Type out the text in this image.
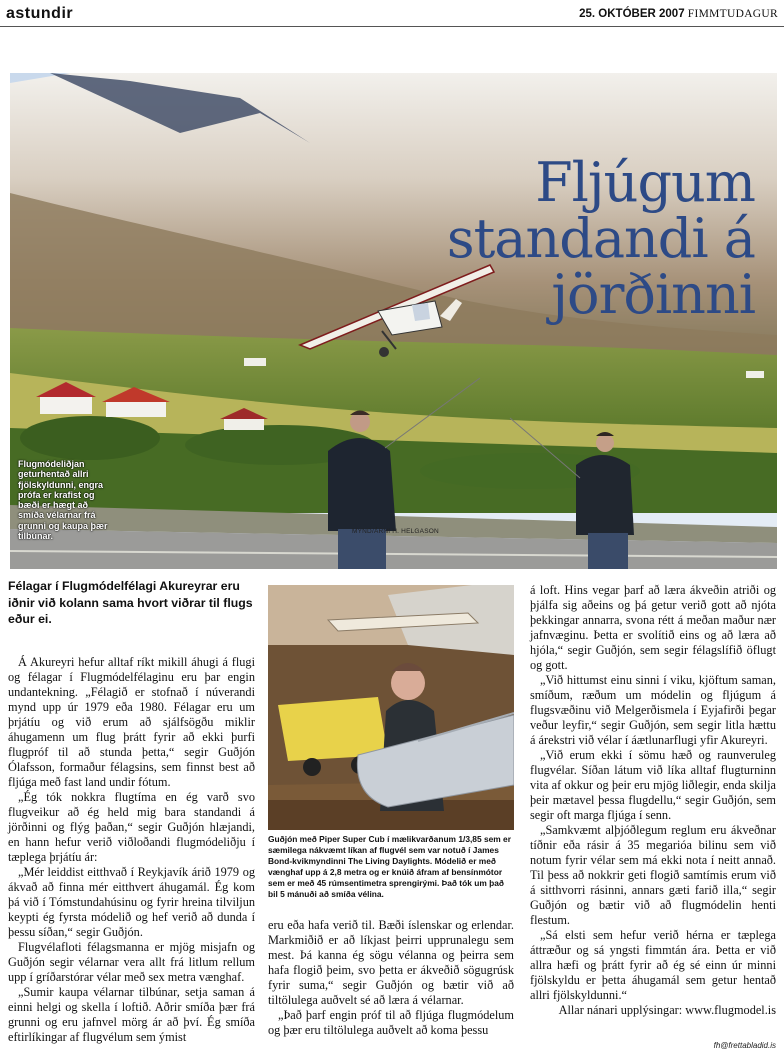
astundir	25. OKTÓBER 2007 FIMMTUDAGUR
Fljúgum
standandi á
jörðinni
Flugmódeliðjan geturhentað allri fjölskyldunni, engra prófa er krafist og bæði er hægt að smíða vélarnar frá grunni og kaupa þær tilbúnar.	MYND/ÁRNI H. HELGASON
Félagar í Flugmódelfélagi Akureyrar eru iðnir við kolann sama hvort viðrar til flugs eður ei.

Á Akureyri hefur alltaf ríkt mikill áhugi á flugi og félagar í Flugmódelfélaginu eru þar engin undantekning. „Félagið er stofnað í núverandi mynd upp úr 1979 eða 1980. Félagar eru um þrjátíu og við erum að sjálfsögðu miklir áhugamenn um flug þrátt fyrir að ekki þurfi flugpróf til að stunda þetta,“ segir Guðjón Ólafsson, formaður félagsins, sem finnst best að fljúga með fast land undir fótum.

„Ég tók nokkra flugtíma en ég varð svo flugveikur að ég held mig bara standandi á jörðinni og flýg þaðan,“ segir Guðjón hlæjandi, en hann hefur verið viðloðandi flugmódeliðju í tæplega þrjátíu ár:

„Mér leiddist eitthvað í Reykjavík árið 1979 og ákvað að finna mér eitthvert áhugamál. Ég kom þá við í Tómstundahúsinu og fyrir hreina tilviljun keypti ég fyrsta módelið og hef verið að dunda í þessu síðan,“ segir Guðjón.

Flugvélafloti félagsmanna er mjög misjafn og Guðjón segir vélarnar vera allt frá litlum rellum upp í gríðarstórar vélar með sex metra vænghaf.

„Sumir kaupa vélarnar tilbúnar, setja saman á einni helgi og skella í loftið. Aðrir smíða þær frá grunni og eru jafnvel mörg ár að því. Ég smíða eftirlíkingar af flugvélum sem ýmist

Guðjón með Piper Super Cub í mælikvarðanum 1/3,85 sem er sæmilega nákvæmt líkan af flugvél sem var notuð í James Bond-kvikmyndinni The Living Daylights. Módelið er með vænghaf upp á 2,8 metra og er knúið áfram af bensínmótor sem er með 45 rúmsentimetra sprengirými. Það tók um það bil 5 mánuði að smíða vélina.

eru eða hafa verið til. Bæði íslenskar og erlendar. Markmiðið er að líkjast þeirri upprunalegu sem mest. Þá kanna ég sögu vélanna og þeirra sem hafa flogið þeim, svo þetta er ákveðið sögugrúsk fyrir suma,“ segir Guðjón og bætir við að tiltölulega auðvelt sé að læra á vélarnar.

„Það þarf engin próf til að fljúga flugmódelum og þær eru tiltölulega auðvelt að koma þessu

á loft. Hins vegar þarf að læra ákveðin atriði og þjálfa sig aðeins og þá getur verið gott að njóta þekkingar annarra, svona rétt á meðan maður nær jafnvæginu. Þetta er svolítið eins og að læra að hjóla,“ segir Guðjón, sem segir félagslífið öflugt og gott.

„Við hittumst einu sinni í viku, kjöftum saman, smíðum, ræðum um módelin og fljúgum á flugsvæðinu við Melgerðismela í Eyjafirði þegar veður leyfir,“ segir Guðjón, sem segir litla hættu á árekstri við vélar í áætlunarflugi yfir Akureyri.

„Við erum ekki í sömu hæð og raunveruleg flugvélar. Síðan látum við líka alltaf flugturninn vita af okkur og þeir eru mjög liðlegir, enda skilja þeir mætavel þessa flugdellu,“ segir Guðjón, sem segir oft marga fljúga í senn.

„Samkvæmt alþjóðlegum reglum eru ákveðnar tíðnir eða rásir á 35 megarióa bilinu sem við notum fyrir vélar sem má ekki nota í neitt annað. Til þess að nokkrir geti flogið samtímis erum við á sitthvorri rásinni, annars gæti farið illa,“ segir Guðjón og bætir við að flugmódelin henti flestum.

„Sá elsti sem hefur verið hérna er tæplega áttræður og sá yngsti fimmtán ára. Þetta er við allra hæfi og þrátt fyrir að ég sé einn úr minni fjölskyldu er þetta áhugamál sem getur hentað allri fjölskyldunni.“

Allar nánari upplýsingar: www.flugmodel.is

fh@frettabladid.is
